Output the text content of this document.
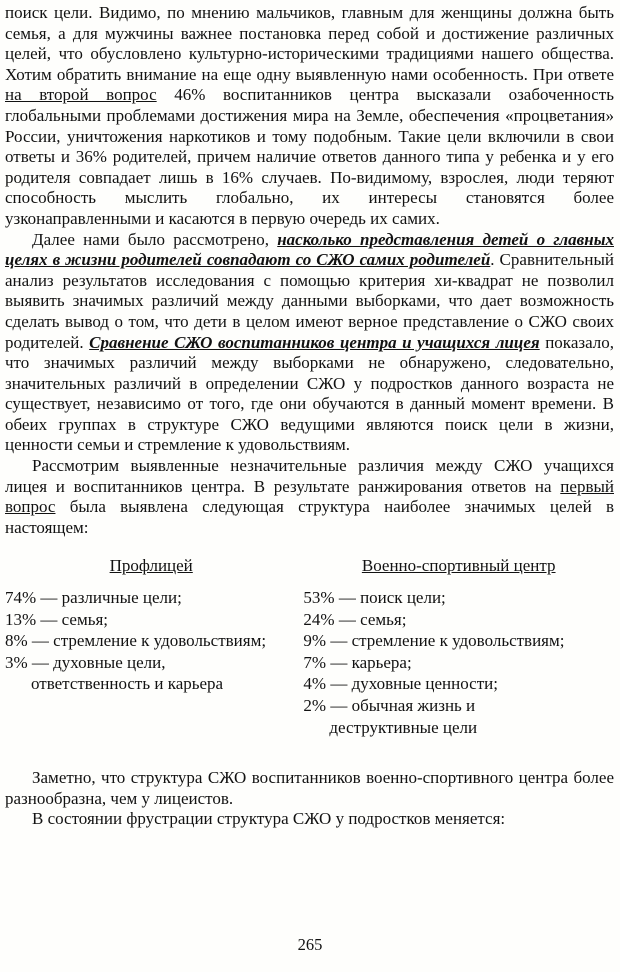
поиск цели. Видимо, по мнению мальчиков, главным для женщины должна быть семья, а для мужчины важнее постановка перед собой и достижение различных целей, что обусловлено культурно-историческими традициями нашего общества. Хотим обратить внимание на еще одну выявленную нами особенность. При ответе на второй вопрос 46% воспитанников центра высказали озабоченность глобальными проблемами достижения мира на Земле, обеспечения «процветания» России, уничтожения наркотиков и тому подобным. Такие цели включили в свои ответы и 36% родителей, причем наличие ответов данного типа у ребенка и у его родителя совпадает лишь в 16% случаев. По-видимому, взрослея, люди теряют способность мыслить глобально, их интересы становятся более узконаправленными и касаются в первую очередь их самих.

Далее нами было рассмотрено, насколько представления детей о главных целях в жизни родителей совпадают со СЖО самих родителей. Сравнительный анализ результатов исследования с помощью критерия хи-квадрат не позволил выявить значимых различий между данными выборками, что дает возможность сделать вывод о том, что дети в целом имеют верное представление о СЖО своих родителей. Сравнение СЖО воспитанников центра и учащихся лицея показало, что значимых различий между выборками не обнаружено, следовательно, значительных различий в определении СЖО у подростков данного возраста не существует, независимо от того, где они обучаются в данный момент времени. В обеих группах в структуре СЖО ведущими являются поиск цели в жизни, ценности семьи и стремление к удовольствиям.

Рассмотрим выявленные незначительные различия между СЖО учащихся лицея и воспитанников центра. В результате ранжирования ответов на первый вопрос была выявлена следующая структура наиболее значимых целей в настоящем:

Профлицей
74% — различные цели;
13% — семья;
8% — стремление к удовольствиям;
3% — духовные цели,
ответственность и карьера
Военно-спортивный центр
53% — поиск цели;
24% — семья;
9% — стремление к удовольствиям;
7% — карьера;
4% — духовные ценности;
2% — обычная жизнь и
деструктивные цели

Заметно, что структура СЖО воспитанников военно-спортивного центра более разнообразна, чем у лицеистов.

В состоянии фрустрации структура СЖО у подростков меняется:

265
